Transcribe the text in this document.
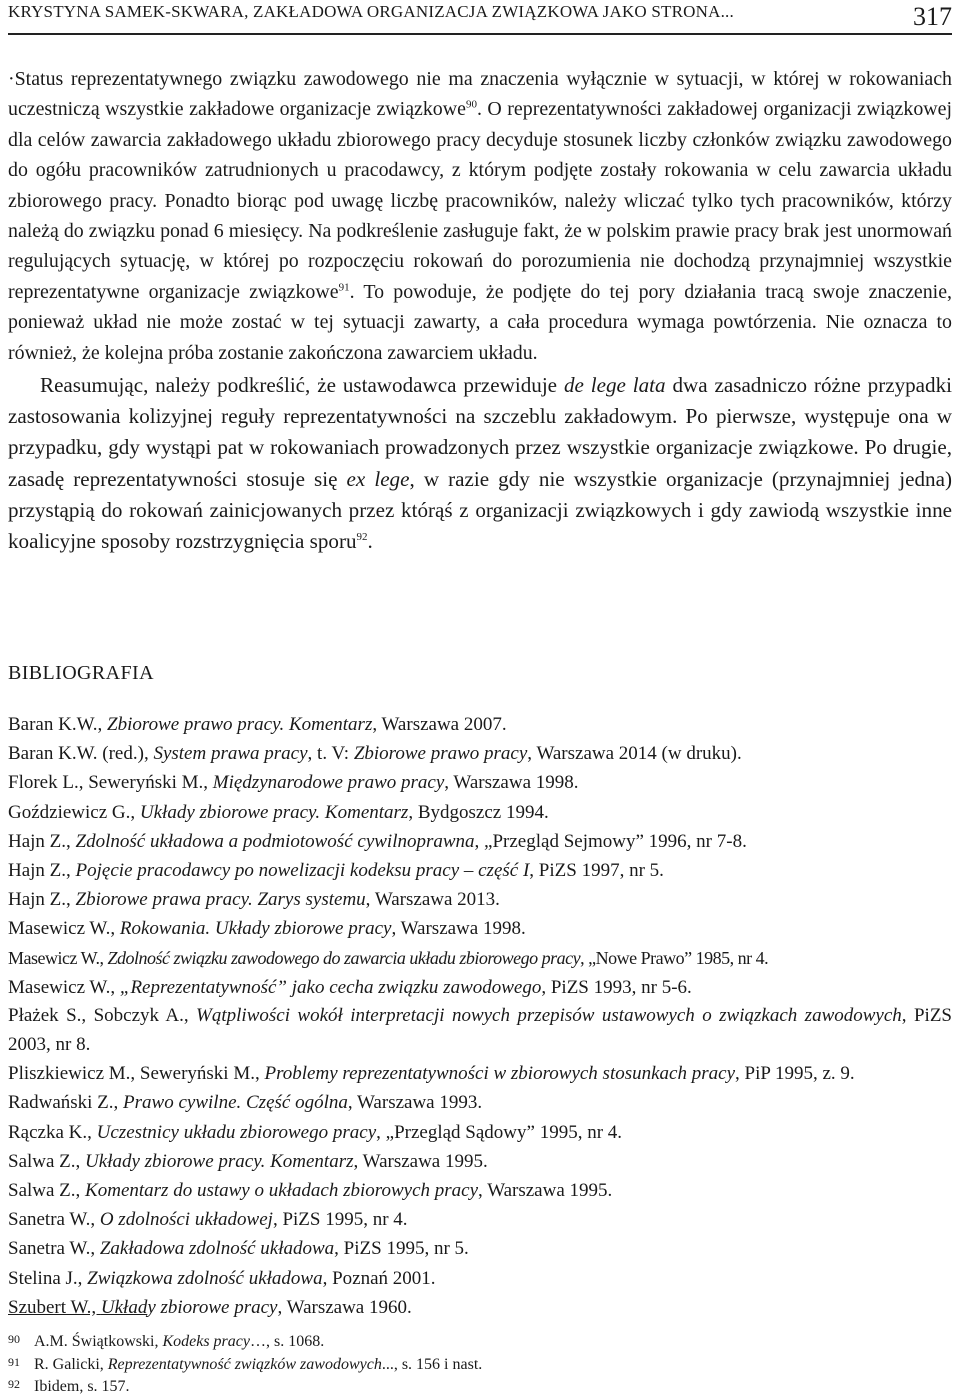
KRYSTYNA SAMEK-SKWARA, ZAKŁADOWA ORGANIZACJA ZWIĄZKOWA JAKO STRONA...	317

·Status reprezentatywnego związku zawodowego nie ma znaczenia wyłącznie w sytuacji, w której w rokowaniach uczestniczą wszystkie zakładowe organizacje związkowe$^{90}$. O reprezentatywności zakładowej organizacji związkowej dla celów zawarcia zakładowego układu zbiorowego pracy decyduje stosunek liczby członków związku zawodowego do ogółu pracowników zatrudnionych u pracodawcy, z którym podjęte zostały rokowania w celu zawarcia układu zbiorowego pracy. Ponadto biorąc pod uwagę liczbę pracowników, należy wliczać tylko tych pracowników, którzy należą do związku ponad 6 miesięcy. Na podkreślenie zasługuje fakt, że w polskim prawie pracy brak jest unormowań regulujących sytuację, w której po rozpoczęciu rokowań do porozumienia nie dochodzą przynajmniej wszystkie reprezentatywne organizacje związkowe$^{91}$. To powoduje, że podjęte do tej pory działania tracą swoje znaczenie, ponieważ układ nie może zostać w tej sytuacji zawarty, a cała procedura wymaga powtórzenia. Nie oznacza to również, że kolejna próba zostanie zakończona zawarciem układu.

Reasumując, należy podkreślić, że ustawodawca przewiduje de lege lata dwa zasadniczo różne przypadki zastosowania kolizyjnej reguły reprezentatywności na szczeblu zakładowym. Po pierwsze, występuje ona w przypadku, gdy wystąpi pat w rokowaniach prowadzonych przez wszystkie organizacje związkowe. Po drugie, zasadę reprezentatywności stosuje się ex lege, w razie gdy nie wszystkie organizacje (przynajmniej jedna) przystąpią do rokowań zainicjowanych przez którąś z organizacji związkowych i gdy zawiodą wszystkie inne koalicyjne sposoby rozstrzygnięcia sporu$^{92}$.

BIBLIOGRAFIA

Baran K.W., Zbiorowe prawo pracy. Komentarz, Warszawa 2007.

Baran K.W. (red.), System prawa pracy, t. V: Zbiorowe prawo pracy, Warszawa 2014 (w druku).

Florek L., Seweryński M., Międzynarodowe prawo pracy, Warszawa 1998.

Goździewicz G., Układy zbiorowe pracy. Komentarz, Bydgoszcz 1994.

Hajn Z., Zdolność układowa a podmiotowość cywilnoprawna, „Przegląd Sejmowy” 1996, nr 7-8.

Hajn Z., Pojęcie pracodawcy po nowelizacji kodeksu pracy – część I, PiZS 1997, nr 5.

Hajn Z., Zbiorowe prawa pracy. Zarys systemu, Warszawa 2013.

Masewicz W., Rokowania. Układy zbiorowe pracy, Warszawa 1998.

Masewicz W., Zdolność związku zawodowego do zawarcia układu zbiorowego pracy, „Nowe Prawo” 1985, nr 4.

Masewicz W., „Reprezentatywność” jako cecha związku zawodowego, PiZS 1993, nr 5-6.

Płażek S., Sobczyk A., Wątpliwości wokół interpretacji nowych przepisów ustawowych o związkach zawodowych, PiZS 2003, nr 8.

Pliszkiewicz M., Seweryński M., Problemy reprezentatywności w zbiorowych stosunkach pracy, PiP 1995, z. 9.

Radwański Z., Prawo cywilne. Część ogólna, Warszawa 1993.

Rączka K., Uczestnicy układu zbiorowego pracy, „Przegląd Sądowy” 1995, nr 4.

Salwa Z., Układy zbiorowe pracy. Komentarz, Warszawa 1995.

Salwa Z., Komentarz do ustawy o układach zbiorowych pracy, Warszawa 1995.

Sanetra W., O zdolności układowej, PiZS 1995, nr 4.

Sanetra W., Zakładowa zdolność układowa, PiZS 1995, nr 5.

Stelina J., Związkowa zdolność układowa, Poznań 2001.

Szubert W., Układy zbiorowe pracy, Warszawa 1960.

90 A.M. Świątkowski, Kodeks pracy…, s. 1068.

91 R. Galicki, Reprezentatywność związków zawodowych..., s. 156 i nast.

92 Ibidem, s. 157.
